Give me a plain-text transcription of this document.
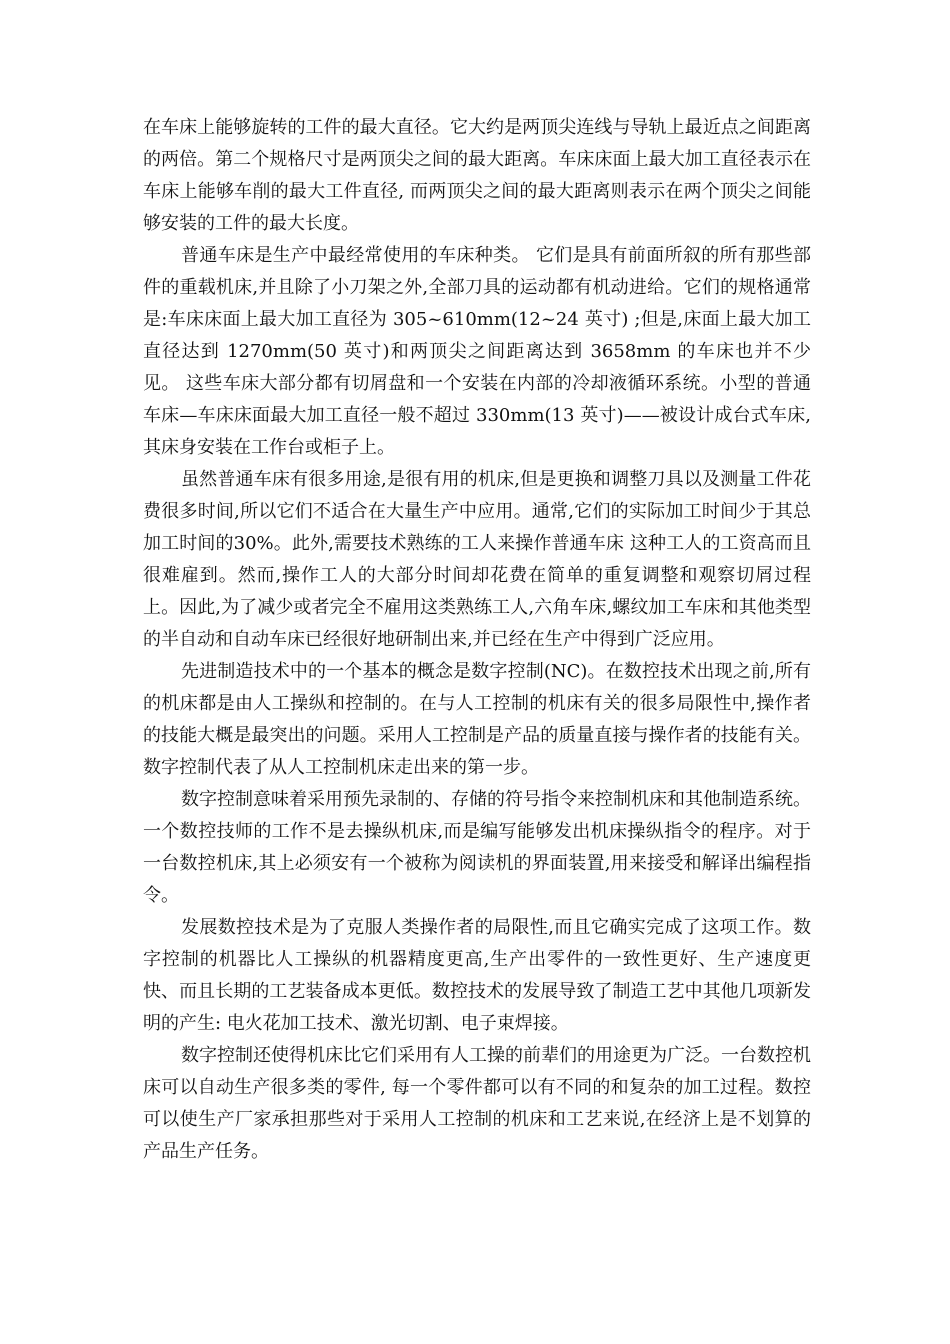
在车床上能够旋转的工件的最大直径。它大约是两顶尖连线与导轨上最近点之间距离的两倍。第二个规格尺寸是两顶尖之间的最大距离。车床床面上最大加工直径表示在车床上能够车削的最大工件直径, 而两顶尖之间的最大距离则表示在两个顶尖之间能够安装的工件的最大长度。

普通车床是生产中最经常使用的车床种类。 它们是具有前面所叙的所有那些部件的重载机床,并且除了小刀架之外,全部刀具的运动都有机动进给。它们的规格通常是:车床床面上最大加工直径为 305~610mm(12~24 英寸) ;但是,床面上最大加工直径达到 1270mm(50 英寸)和两顶尖之间距离达到 3658mm 的车床也并不少见。 这些车床大部分都有切屑盘和一个安装在内部的冷却液循环系统。小型的普通车床—车床床面最大加工直径一般不超过 330mm(13 英寸)——被设计成台式车床,其床身安装在工作台或柜子上。

虽然普通车床有很多用途,是很有用的机床,但是更换和调整刀具以及测量工件花费很多时间,所以它们不适合在大量生产中应用。通常,它们的实际加工时间少于其总加工时间的30%。此外,需要技术熟练的工人来操作普通车床 这种工人的工资高而且很难雇到。然而,操作工人的大部分时间却花费在简单的重复调整和观察切屑过程上。因此,为了减少或者完全不雇用这类熟练工人,六角车床,螺纹加工车床和其他类型的半自动和自动车床已经很好地研制出来,并已经在生产中得到广泛应用。

先进制造技术中的一个基本的概念是数字控制(NC)。在数控技术出现之前,所有的机床都是由人工操纵和控制的。在与人工控制的机床有关的很多局限性中,操作者的技能大概是最突出的问题。采用人工控制是产品的质量直接与操作者的技能有关。数字控制代表了从人工控制机床走出来的第一步。

数字控制意味着采用预先录制的、存储的符号指令来控制机床和其他制造系统。一个数控技师的工作不是去操纵机床,而是编写能够发出机床操纵指令的程序。对于一台数控机床,其上必须安有一个被称为阅读机的界面装置,用来接受和解译出编程指令。

发展数控技术是为了克服人类操作者的局限性,而且它确实完成了这项工作。数字控制的机器比人工操纵的机器精度更高,生产出零件的一致性更好、生产速度更快、而且长期的工艺装备成本更低。数控技术的发展导致了制造工艺中其他几项新发明的产生: 电火花加工技术、激光切割、电子束焊接。

数字控制还使得机床比它们采用有人工操的前辈们的用途更为广泛。一台数控机床可以自动生产很多类的零件, 每一个零件都可以有不同的和复杂的加工过程。数控可以使生产厂家承担那些对于采用人工控制的机床和工艺来说,在经济上是不划算的产品生产任务。
